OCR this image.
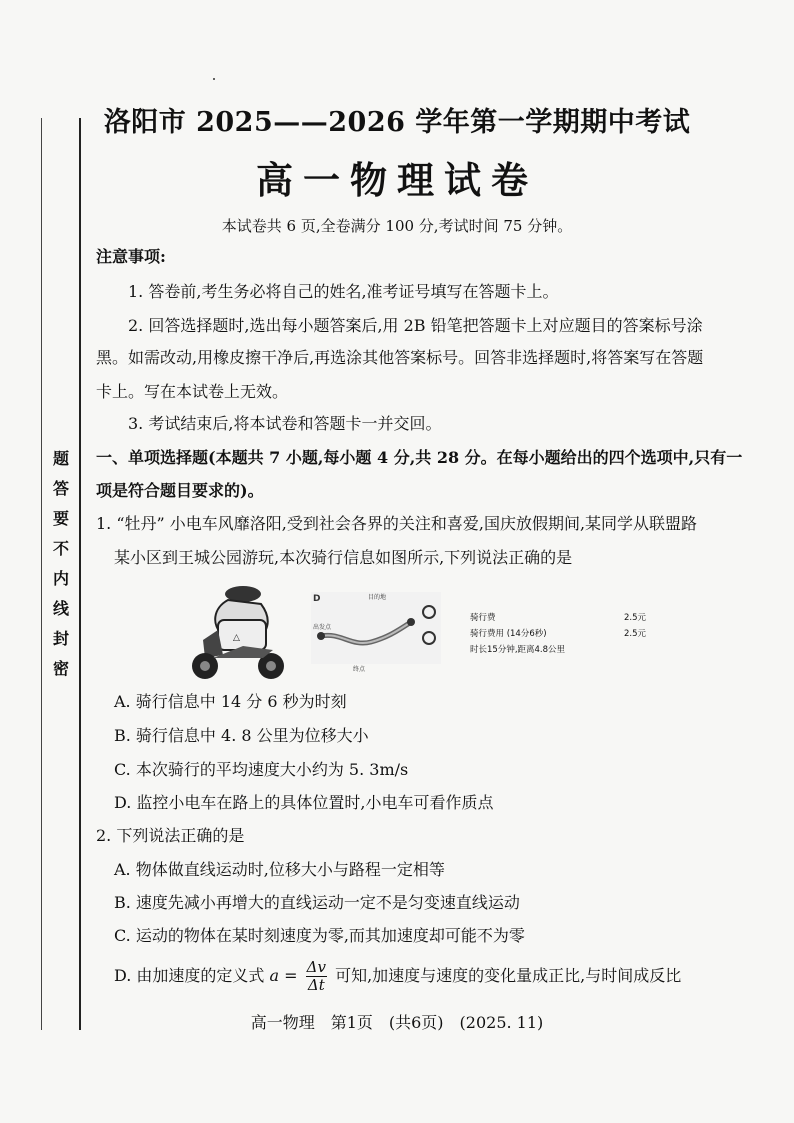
题
答
要
不
内
线
封
密
洛阳市 2025——2026 学年第一学期期中考试
高一物理试卷
本试卷共 6 页,全卷满分 100 分,考试时间 75 分钟。
注意事项:
1. 答卷前,考生务必将自己的姓名,准考证号填写在答题卡上。
2. 回答选择题时,选出每小题答案后,用 2B 铅笔把答题卡上对应题目的答案标号涂
黑。如需改动,用橡皮擦干净后,再选涂其他答案标号。回答非选择题时,将答案写在答题
卡上。写在本试卷上无效。
3. 考试结束后,将本试卷和答题卡一并交回。
一、单项选择题(本题共 7 小题,每小题 4 分,共 28 分。在每小题给出的四个选项中,只有一
项是符合题目要求的)。
1. “牡丹” 小电车风靡洛阳,受到社会各界的关注和喜爱,国庆放假期间,某同学从联盟路
某小区到王城公园游玩,本次骑行信息如图所示,下列说法正确的是
△
D	目的地
出发点
终点
骑行费	2.5元
骑行费用 (14分6秒)	2.5元
时长15分钟,距离4.8公里
A. 骑行信息中 14 分 6 秒为时刻
B. 骑行信息中 4. 8 公里为位移大小
C. 本次骑行的平均速度大小约为 5. 3m/s
D. 监控小电车在路上的具体位置时,小电车可看作质点
2. 下列说法正确的是
A. 物体做直线运动时,位移大小与路程一定相等
B. 速度先减小再增大的直线运动一定不是匀变速直线运动
C. 运动的物体在某时刻速度为零,而其加速度却可能不为零
D. 由加速度的定义式 $a = \frac{\Delta v}{\Delta t}$ 可知,加速度与速度的变化量成正比,与时间成反比
高一物理　第1页　(共6页)　(2025. 11)
